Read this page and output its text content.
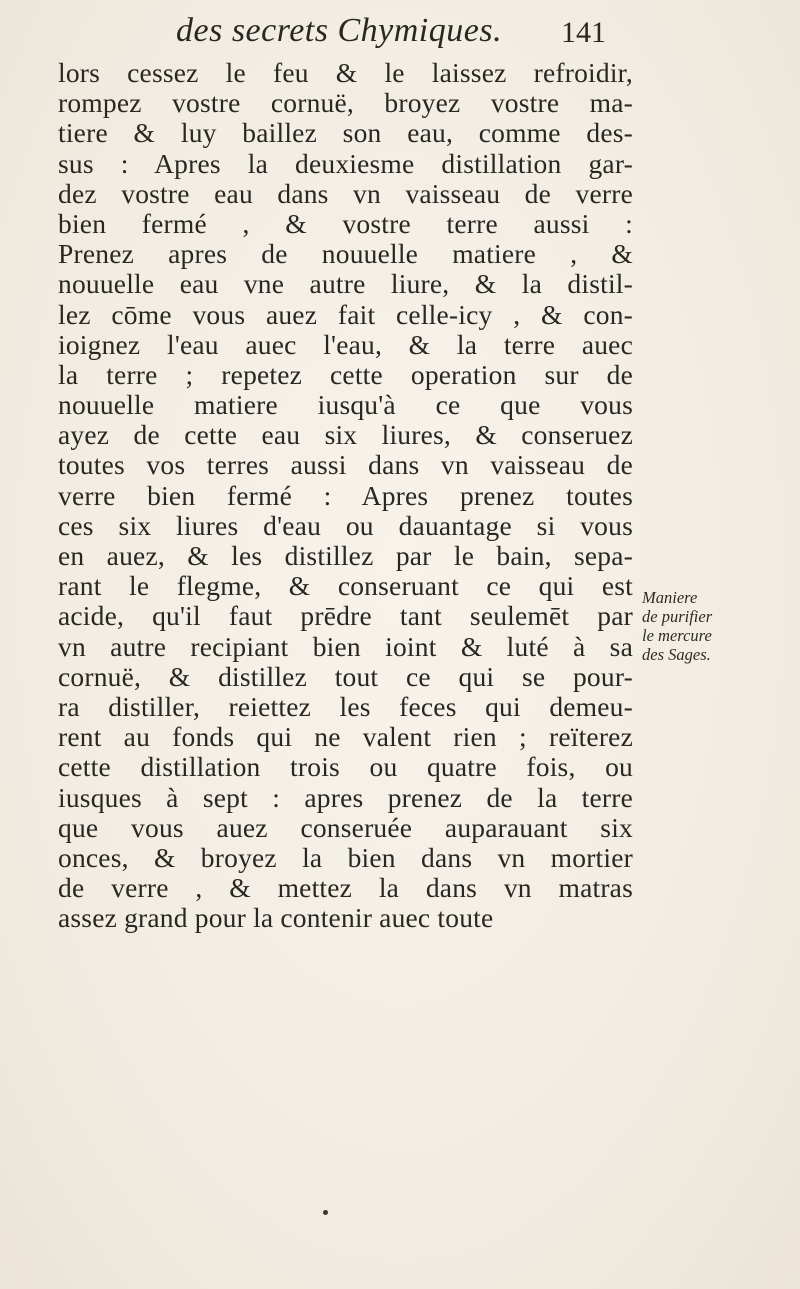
des secrets Chymiques. 141
lors cessez le feu & le laissez refroidir,
rompez vostre cornuë, broyez vostre ma-
tiere & luy baillez son eau, comme des-
sus : Apres la deuxiesme distillation gar-
dez vostre eau dans vn vaisseau de verre
bien fermé , & vostre terre aussi :
Prenez apres de nouuelle matiere , &
nouuelle eau vne autre liure, & la distil-
lez cōme vous auez fait celle-icy , & con-
ioignez l'eau auec l'eau, & la terre auec
la terre ; repetez cette operation sur de
nouuelle matiere iusqu'à ce que vous
ayez de cette eau six liures, & conseruez
toutes vos terres aussi dans vn vaisseau de
verre bien fermé : Apres prenez toutes
ces six liures d'eau ou dauantage si vous
en auez, & les distillez par le bain, sepa-
rant le flegme, & conseruant ce qui est
acide, qu'il faut prēdre tant seulemēt par
vn autre recipiant bien ioint & luté à sa
cornuë, & distillez tout ce qui se pour-
ra distiller, reiettez les feces qui demeu-
rent au fonds qui ne valent rien ; reïterez
cette distillation trois ou quatre fois, ou
iusques à sept : apres prenez de la terre
que vous auez conseruée auparauant six
onces, & broyez la bien dans vn mortier
de verre , & mettez la dans vn matras
assez grand pour la contenir auec toute
Maniere
de purifier
le mercure
des Sages.
